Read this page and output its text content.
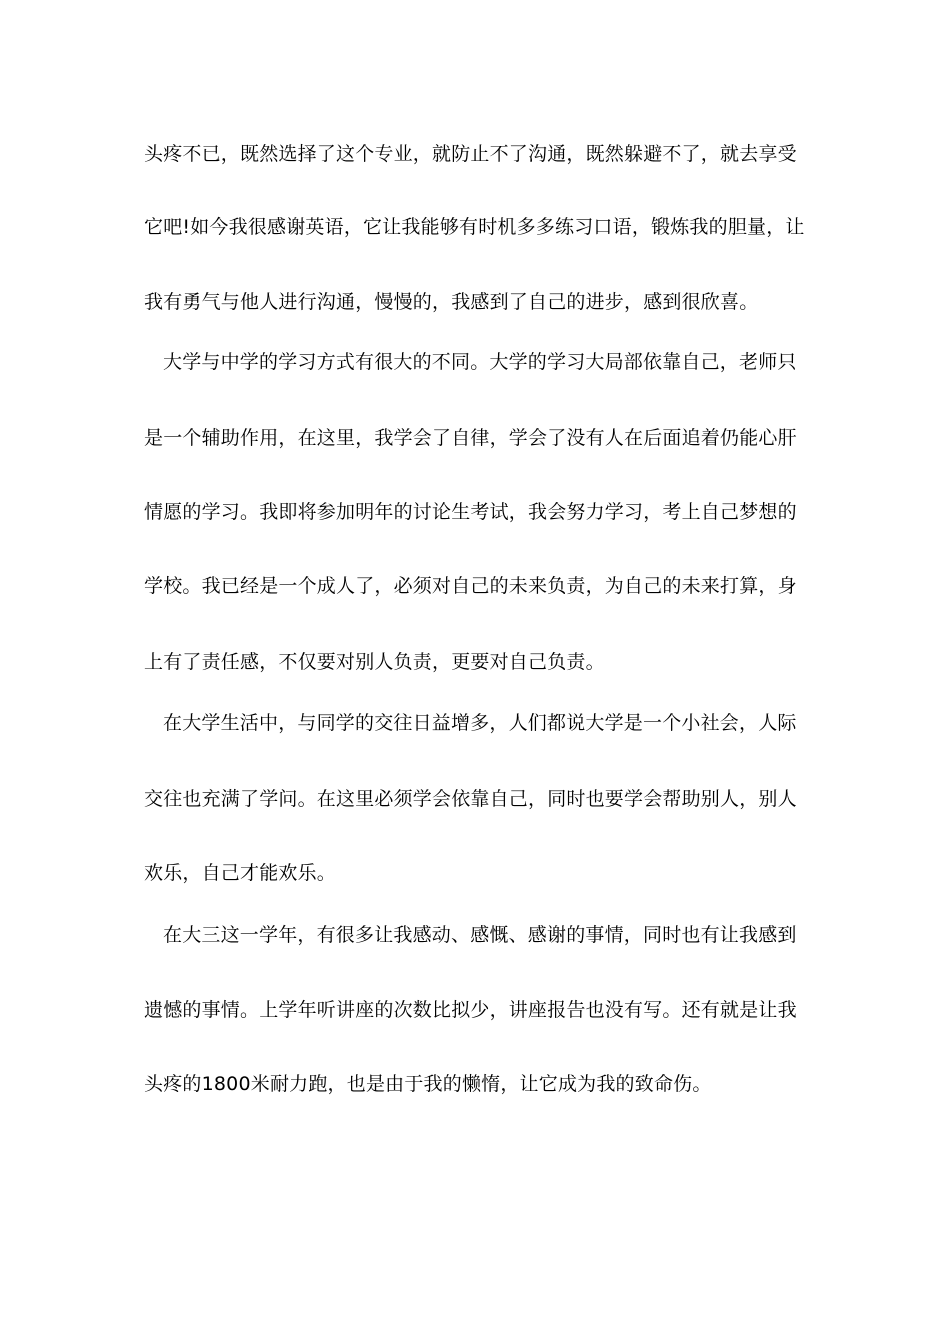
头疼不已，既然选择了这个专业，就防止不了沟通，既然躲避不了，就去享受
它吧!如今我很感谢英语，它让我能够有时机多多练习口语，锻炼我的胆量，让
我有勇气与他人进行沟通，慢慢的，我感到了自己的进步，感到很欣喜。
大学与中学的学习方式有很大的不同。大学的学习大局部依靠自己，老师只
是一个辅助作用，在这里，我学会了自律，学会了没有人在后面追着仍能心肝
情愿的学习。我即将参加明年的讨论生考试，我会努力学习，考上自己梦想的
学校。我已经是一个成人了，必须对自己的未来负责，为自己的未来打算，身
上有了责任感，不仅要对别人负责，更要对自己负责。
在大学生活中，与同学的交往日益增多，人们都说大学是一个小社会，人际
交往也充满了学问。在这里必须学会依靠自己，同时也要学会帮助别人，别人
欢乐，自己才能欢乐。
在大三这一学年，有很多让我感动、感慨、感谢的事情，同时也有让我感到
遗憾的事情。上学年听讲座的次数比拟少，讲座报告也没有写。还有就是让我
头疼的1800米耐力跑，也是由于我的懒惰，让它成为我的致命伤。
